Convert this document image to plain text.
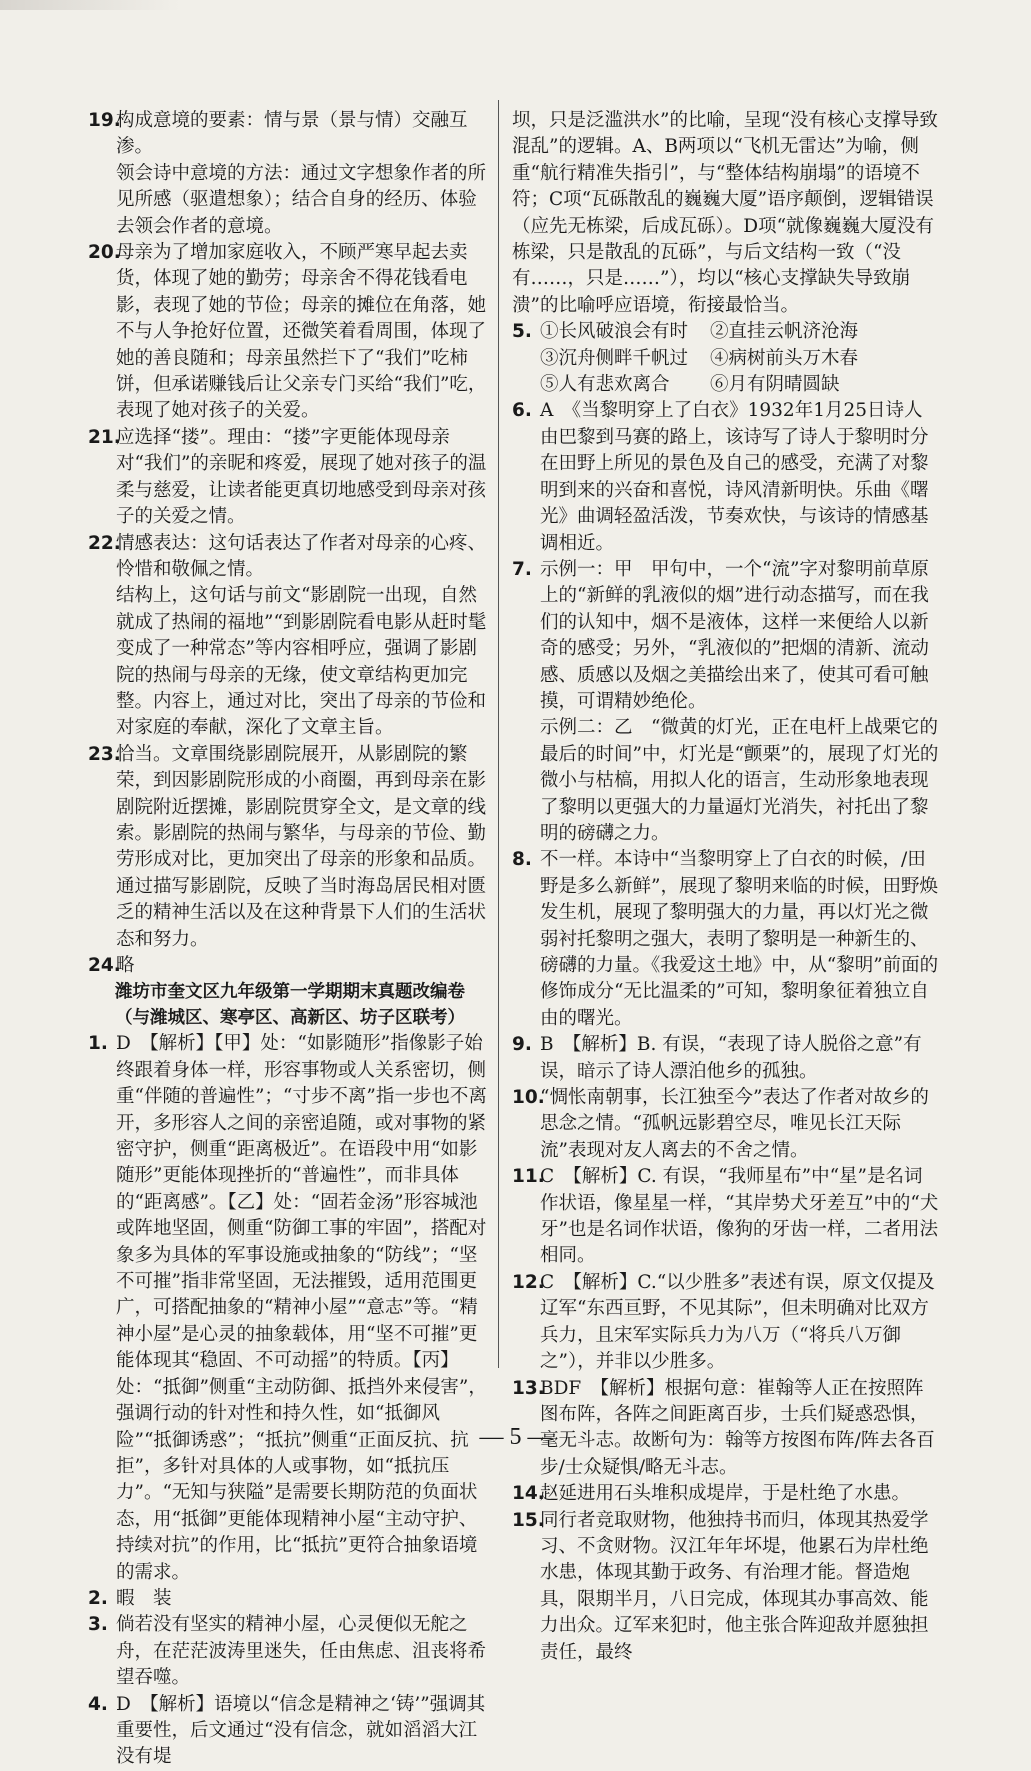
19.

构成意境的要素：情与景（景与情）交融互渗。

领会诗中意境的方法：通过文字想象作者的所见所感（驱遣想象）；结合自身的经历、体验去领会作者的意境。

20.

母亲为了增加家庭收入，不顾严寒早起去卖货，体现了她的勤劳；母亲舍不得花钱看电影，表现了她的节俭；母亲的摊位在角落，她不与人争抢好位置，还微笑着看周围，体现了她的善良随和；母亲虽然拦下了“我们”吃柿饼，但承诺赚钱后让父亲专门买给“我们”吃，表现了她对孩子的关爱。

21.

应选择“搂”。理由：“搂”字更能体现母亲对“我们”的亲昵和疼爱，展现了她对孩子的温柔与慈爱，让读者能更真切地感受到母亲对孩子的关爱之情。

22.

情感表达：这句话表达了作者对母亲的心疼、怜惜和敬佩之情。

结构上，这句话与前文“影剧院一出现，自然就成了热闹的福地”“到影剧院看电影从赶时髦变成了一种常态”等内容相呼应，强调了影剧院的热闹与母亲的无缘，使文章结构更加完整。内容上，通过对比，突出了母亲的节俭和对家庭的奉献，深化了文章主旨。

23.

恰当。文章围绕影剧院展开，从影剧院的繁荣，到因影剧院形成的小商圈，再到母亲在影剧院附近摆摊，影剧院贯穿全文，是文章的线索。影剧院的热闹与繁华，与母亲的节俭、勤劳形成对比，更加突出了母亲的形象和品质。通过描写影剧院，反映了当时海岛居民相对匮乏的精神生活以及在这种背景下人们的生活状态和努力。

24.

略

潍坊市奎文区九年级第一学期期末真题改编卷

（与潍城区、寒亭区、高新区、坊子区联考）

1. D　【解析】【甲】处：“如影随形”指像影子始终跟着身体一样，形容事物或人关系密切，侧重“伴随的普遍性”；“寸步不离”指一步也不离开，多形容人之间的亲密追随，或对事物的紧密守护，侧重“距离极近”。在语段中用“如影随形”更能体现挫折的“普遍性”，而非具体的“距离感”。【乙】处：“固若金汤”形容城池或阵地坚固，侧重“防御工事的牢固”，搭配对象多为具体的军事设施或抽象的“防线”；“坚不可摧”指非常坚固，无法摧毁，适用范围更广，可搭配抽象的“精神小屋”“意志”等。“精神小屋”是心灵的抽象载体，用“坚不可摧”更能体现其“稳固、不可动摇”的特质。【丙】处：“抵御”侧重“主动防御、抵挡外来侵害”，强调行动的针对性和持久性，如“抵御风险”“抵御诱惑”；“抵抗”侧重“正面反抗、抗拒”，多针对具体的人或事物，如“抵抗压力”。“无知与狭隘”是需要长期防范的负面状态，用“抵御”更能体现精神小屋“主动守护、持续对抗”的作用，比“抵抗”更符合抽象语境的需求。

2. 暇　装

3. 倘若没有坚实的精神小屋，心灵便似无舵之舟，在茫茫波涛里迷失，任由焦虑、沮丧将希望吞噬。

4. D　【解析】语境以“信念是精神之‘铸’”强调其重要性，后文通过“没有信念，就如滔滔大江没有堤

坝，只是泛滥洪水”的比喻，呈现“没有核心支撑导致混乱”的逻辑。A、B两项以“飞机无雷达”为喻，侧重“航行精准失指引”，与“整体结构崩塌”的语境不符；C项“瓦砾散乱的巍巍大厦”语序颠倒，逻辑错误（应先无栋梁，后成瓦砾）。D项“就像巍巍大厦没有栋梁，只是散乱的瓦砾”，与后文结构一致（“没有……，只是……”），均以“核心支撑缺失导致崩溃”的比喻呼应语境，衔接最恰当。

5. ①长风破浪会有时	②直挂云帆济沧海
③沉舟侧畔千帆过	④病树前头万木春
⑤人有悲欢离合	⑥月有阴晴圆缺
6. A　《当黎明穿上了白衣》1932年1月25日诗人由巴黎到马赛的路上，该诗写了诗人于黎明时分在田野上所见的景色及自己的感受，充满了对黎明到来的兴奋和喜悦，诗风清新明快。乐曲《曙光》曲调轻盈活泼，节奏欢快，与该诗的情感基调相近。

7. 示例一：甲　甲句中，一个“流”字对黎明前草原上的“新鲜的乳液似的烟”进行动态描写，而在我们的认知中，烟不是液体，这样一来便给人以新奇的感受；另外，“乳液似的”把烟的清新、流动感、质感以及烟之美描绘出来了，使其可看可触摸，可谓精妙绝伦。

示例二：乙　“微黄的灯光，正在电杆上战栗它的最后的时间”中，灯光是“颤栗”的，展现了灯光的微小与枯槁，用拟人化的语言，生动形象地表现了黎明以更强大的力量逼灯光消失，衬托出了黎明的磅礴之力。

8. 不一样。本诗中“当黎明穿上了白衣的时候，/田野是多么新鲜”，展现了黎明来临的时候，田野焕发生机，展现了黎明强大的力量，再以灯光之微弱衬托黎明之强大，表明了黎明是一种新生的、磅礴的力量。《我爱这土地》中，从“黎明”前面的修饰成分“无比温柔的”可知，黎明象征着独立自由的曙光。

9. B　【解析】B. 有误，“表现了诗人脱俗之意”有误，暗示了诗人漂泊他乡的孤独。

10.

“惆怅南朝事，长江独至今”表达了作者对故乡的思念之情。“孤帆远影碧空尽，唯见长江天际流”表现对友人离去的不舍之情。

11.

C　【解析】C. 有误，“我师星布”中“星”是名词作状语，像星星一样，“其岸势犬牙差互”中的“犬牙”也是名词作状语，像狗的牙齿一样，二者用法相同。

12.

C　【解析】C.“以少胜多”表述有误，原文仅提及辽军“东西亘野，不见其际”，但未明确对比双方兵力，且宋军实际兵力为八万（“将兵八万御之”），并非以少胜多。

13.

BDF　【解析】根据句意：崔翰等人正在按照阵图布阵，各阵之间距离百步，士兵们疑惑恐惧，毫无斗志。故断句为：翰等方按图布阵/阵去各百步/士众疑惧/略无斗志。

14.

赵延进用石头堆积成堤岸，于是杜绝了水患。

15.

同行者竞取财物，他独持书而归，体现其热爱学习、不贪财物。汉江年年坏堤，他累石为岸杜绝水患，体现其勤于政务、有治理才能。督造炮具，限期半月，八日完成，体现其办事高效、能力出众。辽军来犯时，他主张合阵迎敌并愿独担责任，最终

— 5 —
